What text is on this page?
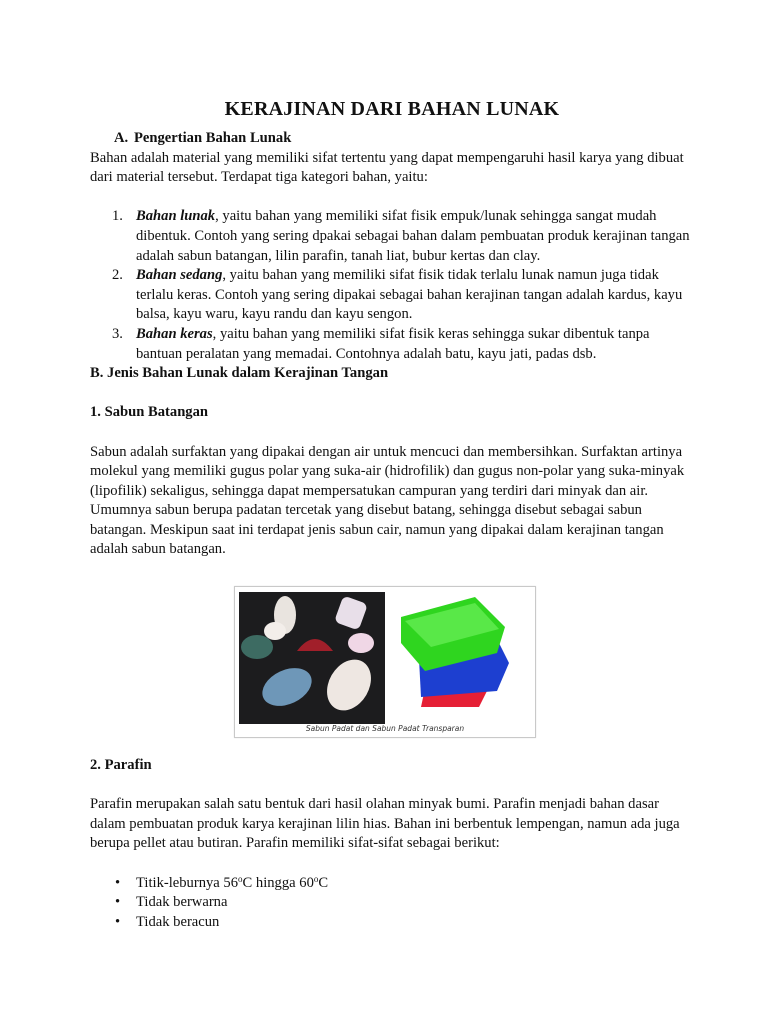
KERAJINAN DARI BAHAN LUNAK
A. Pengertian Bahan Lunak

Bahan adalah material yang memiliki sifat tertentu yang dapat mempengaruhi hasil karya yang dibuat dari material tersebut. Terdapat tiga kategori bahan, yaitu:

1. Bahan lunak, yaitu bahan yang memiliki sifat fisik empuk/lunak sehingga sangat mudah dibentuk. Contoh yang sering dpakai sebagai bahan dalam pembuatan produk kerajinan tangan adalah sabun batangan, lilin parafin, tanah liat, bubur kertas dan clay.
2. Bahan sedang, yaitu bahan yang memiliki sifat fisik tidak terlalu lunak namun juga tidak terlalu keras. Contoh yang sering dipakai sebagai bahan kerajinan tangan adalah kardus, kayu balsa, kayu waru, kayu randu dan kayu sengon.
3. Bahan keras, yaitu bahan yang memiliki sifat fisik keras sehingga sukar dibentuk tanpa bantuan peralatan yang memadai. Contohnya adalah batu, kayu jati, padas dsb.
B. Jenis Bahan Lunak dalam Kerajinan Tangan
1. Sabun Batangan

Sabun adalah surfaktan yang dipakai dengan air untuk mencuci dan membersihkan. Surfaktan artinya molekul yang memiliki gugus polar yang suka-air (hidrofilik) dan gugus non-polar yang suka-minyak (lipofilik) sekaligus, sehingga dapat mempersatukan campuran yang terdiri dari minyak dan air. Umumnya sabun berupa padatan tercetak yang disebut batang, sehingga disebut sebagai sabun batangan. Meskipun saat ini terdapat jenis sabun cair, namun yang dipakai dalam kerajinan tangan adalah sabun batangan.

Sabun Padat dan Sabun Padat Transparan
2. Parafin

Parafin merupakan salah satu bentuk dari hasil olahan minyak bumi. Parafin menjadi bahan dasar dalam pembuatan produk karya kerajinan lilin hias. Bahan ini berbentuk lempengan, namun ada juga berupa pellet atau butiran. Parafin memiliki sifat-sifat sebagai berikut:

• Titik-leburnya 56$^o$C hingga 60$^o$C
• Tidak berwarna
• Tidak beracun
